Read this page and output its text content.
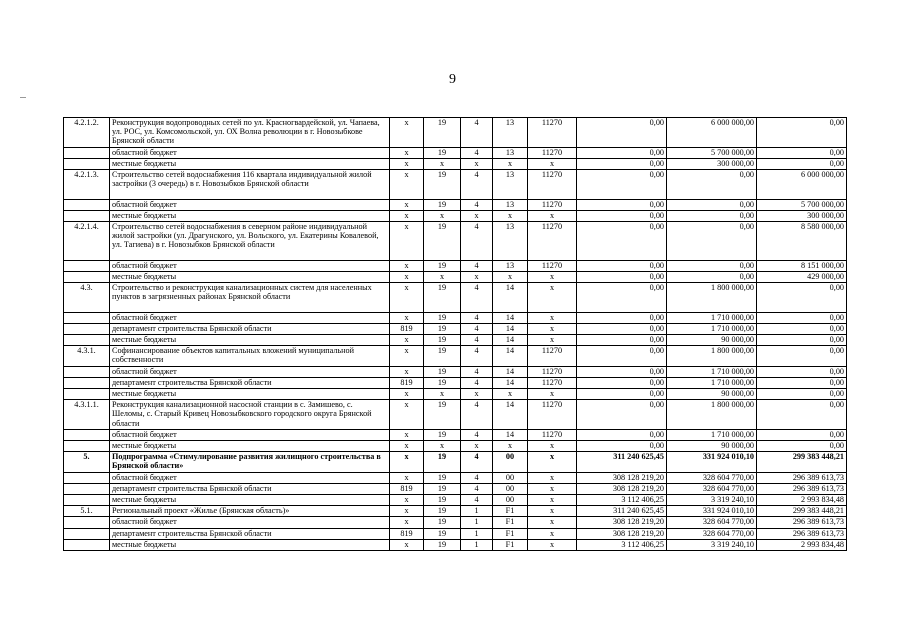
9
4.2.1.2.	Реконструкция водопроводных сетей по ул. Красногвардейской, ул. Чапаева, ул. РОС, ул. Комсомольской, ул. ОХ Волна революции в г. Новозыбкове Брянской области	x	19	4	13	11270	0,00	6 000 000,00	0,00
	областной бюджет	x	19	4	13	11270	0,00	5 700 000,00	0,00
	местные бюджеты	x	x	x	x	x	0,00	300 000,00	0,00
4.2.1.3.	Строительство сетей водоснабжения 116 квартала индивидуальной жилой застройки (3 очередь) в г. Новозыбков Брянской области	x	19	4	13	11270	0,00	0,00	6 000 000,00
	областной бюджет	x	19	4	13	11270	0,00	0,00	5 700 000,00
	местные бюджеты	x	x	x	x	x	0,00	0,00	300 000,00
4.2.1.4.	Строительство сетей водоснабжения в северном районе индивидуальной жилой застройки (ул. Драгунского, ул. Вольского, ул. Екатерины Ковалевой, ул. Тагиева) в г. Новозыбков Брянской области	x	19	4	13	11270	0,00	0,00	8 580 000,00
	областной бюджет	x	19	4	13	11270	0,00	0,00	8 151 000,00
	местные бюджеты	x	x	x	x	x	0,00	0,00	429 000,00
4.3.	Строительство и реконструкция канализационных систем для населенных пунктов в загрязненных районах Брянской области	x	19	4	14	x	0,00	1 800 000,00	0,00
	областной бюджет	x	19	4	14	x	0,00	1 710 000,00	0,00
	департамент строительства Брянской области	819	19	4	14	x	0,00	1 710 000,00	0,00
	местные бюджеты	x	19	4	14	x	0,00	90 000,00	0,00
4.3.1.	Софинансирование объектов капитальных вложений муниципальной собственности	x	19	4	14	11270	0,00	1 800 000,00	0,00
	областной бюджет	x	19	4	14	11270	0,00	1 710 000,00	0,00
	департамент строительства Брянской области	819	19	4	14	11270	0,00	1 710 000,00	0,00
	местные бюджеты	x	x	x	x	x	0,00	90 000,00	0,00
4.3.1.1.	Реконструкция канализационной насосной станции в с. Замишево, с. Шеломы, с. Старый Кривец Новозыбковского городского округа Брянской области	x	19	4	14	11270	0,00	1 800 000,00	0,00
	областной бюджет	x	19	4	14	11270	0,00	1 710 000,00	0,00
	местные бюджеты	x	x	x	x	x	0,00	90 000,00	0,00
5.	Подпрограмма «Стимулирование развития жилищного строительства в Брянской области»	x	19	4	00	x	311 240 625,45	331 924 010,10	299 383 448,21
	областной бюджет	x	19	4	00	x	308 128 219,20	328 604 770,00	296 389 613,73
	департамент строительства Брянской области	819	19	4	00	x	308 128 219,20	328 604 770,00	296 389 613,73
	местные бюджеты	x	19	4	00	x	3 112 406,25	3 319 240,10	2 993 834,48
5.1.	Региональный проект «Жилье (Брянская область)»	x	19	1	F1	x	311 240 625,45	331 924 010,10	299 383 448,21
	областной бюджет	x	19	1	F1	x	308 128 219,20	328 604 770,00	296 389 613,73
	департамент строительства Брянской области	819	19	1	F1	x	308 128 219,20	328 604 770,00	296 389 613,73
	местные бюджеты	x	19	1	F1	x	3 112 406,25	3 319 240,10	2 993 834,48
